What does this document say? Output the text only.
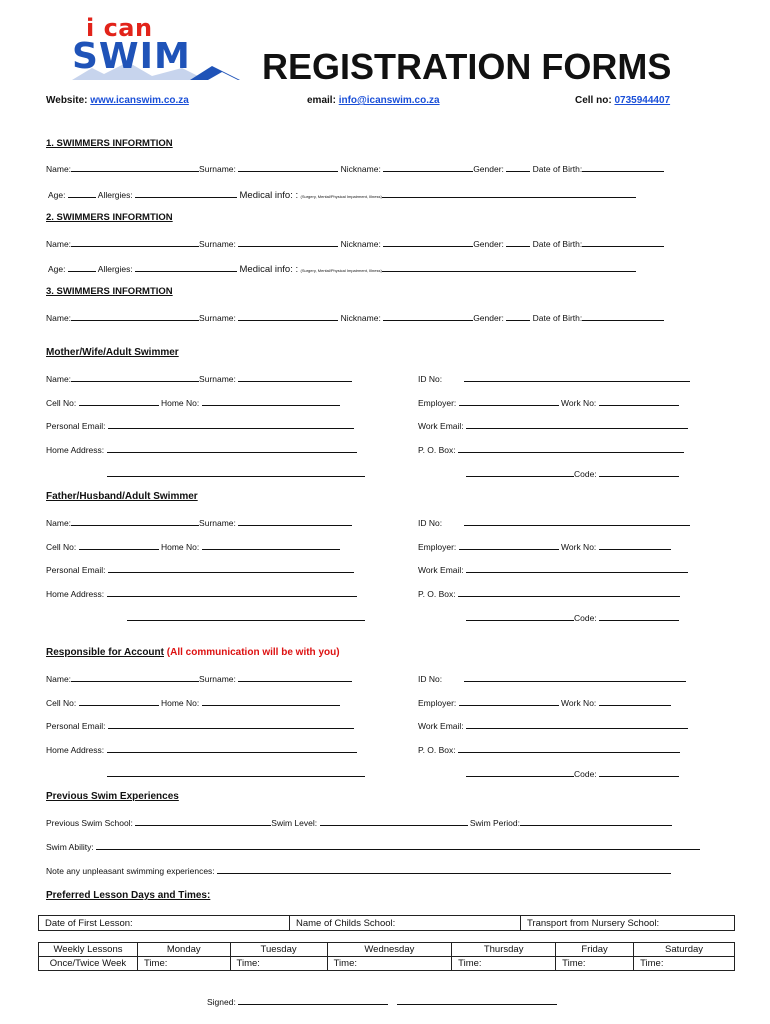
i can
SWIM REGISTRATION FORMS
Website: www.icanswim.co.za	email: info@icanswim.co.za	Cell no: 0735944407
1. SWIMMERS INFORMTION
Name:	Surname:	Nickname:	Gender:	Date of Birth:
Age:	Allergies:	Medical info: : (Surgery, Mental/Physical Impairment, Illness)
2. SWIMMERS INFORMTION
Name:	Surname:	Nickname:	Gender:	Date of Birth:
Age:	Allergies:	Medical info: : (Surgery, Mental/Physical Impairment, Illness)
3. SWIMMERS INFORMTION
Name:	Surname:	Nickname:	Gender:	Date of Birth:
Mother/Wife/Adult Swimmer
Name:	Surname:	ID No:
Cell No:	Home No:	Employer:	Work No:
Personal Email:	Work Email:
Home Address:	P. O. Box:
Code:
Father/Husband/Adult Swimmer
Name:	Surname:	ID No:
Cell No:	Home No:	Employer:	Work No:
Personal Email:	Work Email:
Home Address:	P. O. Box:
Code:
Responsible for Account (All communication will be with you)
Name:	Surname:	ID No:
Cell No:	Home No:	Employer:	Work No:
Personal Email:	Work Email:
Home Address:	P. O. Box:
Code:
Previous Swim Experiences
Previous Swim School:	Swim Level:	Swim Period:
Swim Ability:
Note any unpleasant swimming experiences:
Preferred Lesson Days and Times:
Date of First Lesson:	Name of Childs School:	Transport from Nursery School:
Weekly Lessons	Monday	Tuesday	Wednesday	Thursday	Friday	Saturday
Once/Twice Week	Time:	Time:	Time:	Time:	Time:	Time:
Signed:
